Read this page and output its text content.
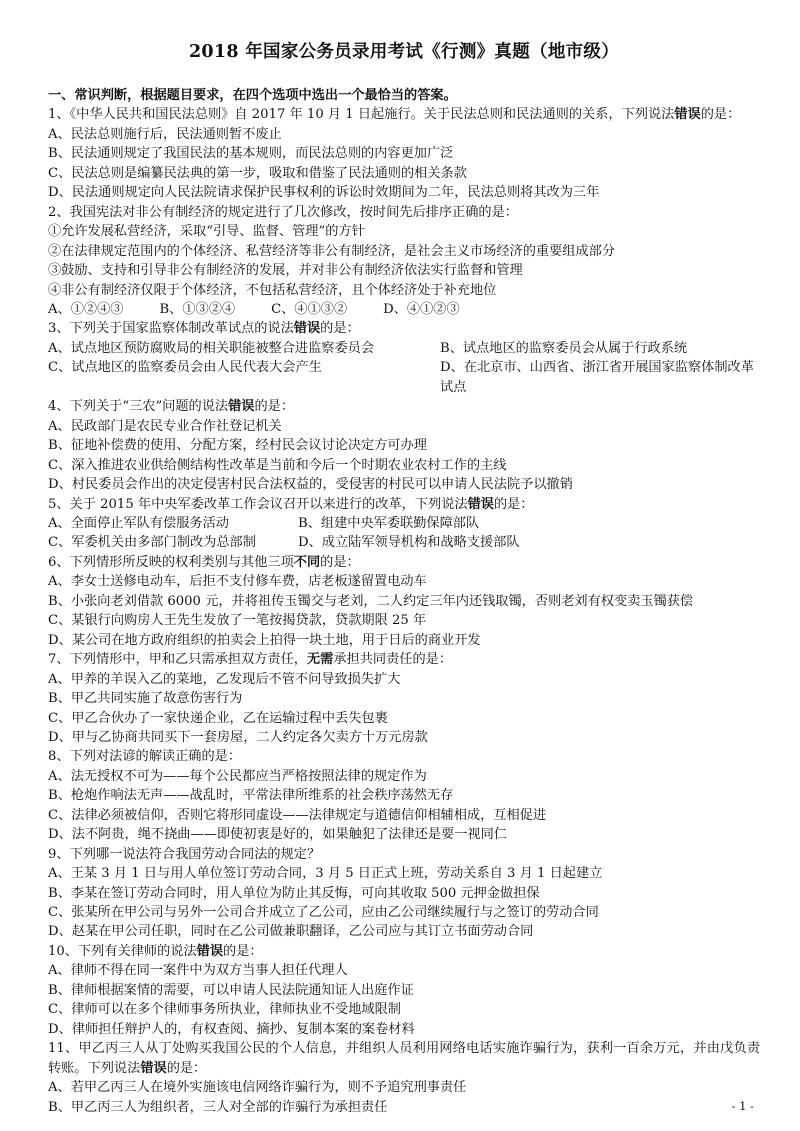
2018 年国家公务员录用考试《行测》真题（地市级）
一、常识判断，根据题目要求，在四个选项中选出一个最恰当的答案。
1、《中华人民共和国民法总则》自 2017 年 10 月 1 日起施行。关于民法总则和民法通则的关系，下列说法错误的是：
A、民法总则施行后，民法通则暂不废止
B、民法通则规定了我国民法的基本规则，而民法总则的内容更加广泛
C、民法总则是编纂民法典的第一步，吸取和借鉴了民法通则的相关条款
D、民法通则规定向人民法院请求保护民事权利的诉讼时效期间为二年，民法总则将其改为三年
2、我国宪法对非公有制经济的规定进行了几次修改，按时间先后排序正确的是：
①允许发展私营经济，采取“引导、监督、管理”的方针
②在法律规定范围内的个体经济、私营经济等非公有制经济，是社会主义市场经济的重要组成部分
③鼓励、支持和引导非公有制经济的发展，并对非公有制经济依法实行监督和管理
④非公有制经济仅限于个体经济，不包括私营经济，且个体经济处于补充地位
A、①②④③	B、①③②④	C、④①③②	D、④①②③
3、下列关于国家监察体制改革试点的说法错误的是：
A、试点地区预防腐败局的相关职能被整合进监察委员会	B、试点地区的监察委员会从属于行政系统
C、试点地区的监察委员会由人民代表大会产生	D、在北京市、山西省、浙江省开展国家监察体制改革试点
4、下列关于“三农”问题的说法错误的是：
A、民政部门是农民专业合作社登记机关
B、征地补偿费的使用、分配方案，经村民会议讨论决定方可办理
C、深入推进农业供给侧结构性改革是当前和今后一个时期农业农村工作的主线
D、村民委员会作出的决定侵害村民合法权益的，受侵害的村民可以申请人民法院予以撤销
5、关于 2015 年中央军委改革工作会议召开以来进行的改革，下列说法错误的是：
A、全面停止军队有偿服务活动	B、组建中央军委联勤保障部队
C、军委机关由多部门制改为总部制	D、成立陆军领导机构和战略支援部队
6、下列情形所反映的权利类别与其他三项不同的是：
A、李女士送修电动车，后拒不支付修车费，店老板遂留置电动车
B、小张向老刘借款 6000 元，并将祖传玉镯交与老刘，二人约定三年内还钱取镯，否则老刘有权变卖玉镯获偿
C、某银行向购房人王先生发放了一笔按揭贷款，贷款期限 25 年
D、某公司在地方政府组织的拍卖会上拍得一块土地，用于日后的商业开发
7、下列情形中，甲和乙只需承担双方责任，无需承担共同责任的是：
A、甲养的羊误入乙的菜地，乙发现后不管不问导致损失扩大
B、甲乙共同实施了故意伤害行为
C、甲乙合伙办了一家快递企业，乙在运输过程中丢失包裹
D、甲与乙协商共同买下一套房屋，二人约定各欠卖方十万元房款
8、下列对法谚的解读正确的是：
A、法无授权不可为——每个公民都应当严格按照法律的规定作为
B、枪炮作响法无声——战乱时，平常法律所维系的社会秩序荡然无存
C、法律必须被信仰，否则它将形同虚设——法律规定与道德信仰相辅相成，互相促进
D、法不阿贵，绳不挠曲——即使初衷是好的，如果触犯了法律还是要一视同仁
9、下列哪一说法符合我国劳动合同法的规定？
A、王某 3 月 1 日与用人单位签订劳动合同，3 月 5 日正式上班，劳动关系自 3 月 1 日起建立
B、李某在签订劳动合同时，用人单位为防止其反悔，可向其收取 500 元押金做担保
C、张某所在甲公司与另外一公司合并成立了乙公司，应由乙公司继续履行与之签订的劳动合同
D、赵某在甲公司任职，同时在乙公司做兼职翻译，乙公司应与其订立书面劳动合同
10、下列有关律师的说法错误的是：
A、律师不得在同一案件中为双方当事人担任代理人
B、律师根据案情的需要，可以申请人民法院通知证人出庭作证
C、律师可以在多个律师事务所执业，律师执业不受地域限制
D、律师担任辩护人的，有权查阅、摘抄、复制本案的案卷材料
11、甲乙丙三人从丁处购买我国公民的个人信息，并组织人员利用网络电话实施诈骗行为，获利一百余万元，并由戊负责转账。下列说法错误的是：
A、若甲乙丙三人在境外实施该电信网络诈骗行为，则不予追究刑事责任
B、甲乙丙三人为组织者，三人对全部的诈骗行为承担责任	- 1 -
